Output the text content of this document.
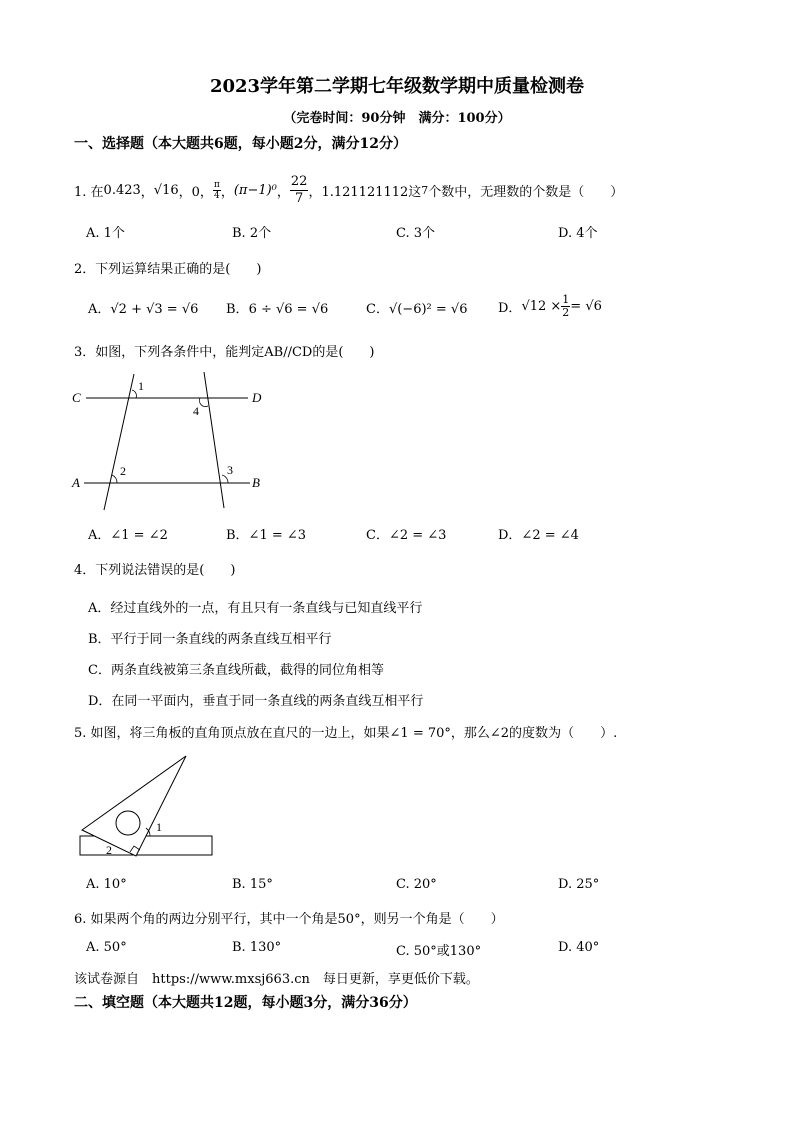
2023学年第二学期七年级数学期中质量检测卷
（完卷时间：90分钟　满分：100分）
一、选择题（本大题共6题，每小题2分，满分12分）
1. 在 0.423̇ ， √16 ，0， $\frac{\pi}{4}$ ， (π−1)⁰ ， $\frac{22}{7}$ ，1.121121112这 7 个数中，无理数的个数是（　　）
A. 1个	B. 2个	C. 3个	D. 4个
2．下列运算结果正确的是(　　)
A．√2 + √3 = √6 B．6 ÷ √6 = √6	C．√(−6)² = √6 D． $√12 \times \frac{1}{2} = √6$
3．如图，下列各条件中，能判定AB//CD的是(　　)
C	D
A	B
1
4
2	3
A．∠1 = ∠2	B．∠1 = ∠3	C．∠2 = ∠3	D．∠2 = ∠4
4．下列说法错误的是(　　)
A．经过直线外的一点，有且只有一条直线与已知直线平行
B．平行于同一条直线的两条直线互相平行
C．两条直线被第三条直线所截，截得的同位角相等
D．在同一平面内，垂直于同一条直线的两条直线互相平行
5. 如图，将三角板的直角顶点放在直尺的一边上，如果∠1 = 70°，那么∠2的度数为（　　）.
1
2
A. 10°	B. 15°	C. 20°	D. 25°
6. 如果两个角的两边分别平行，其中一个角是50°，则另一个角是（　　）
A. 50°	B. 130°	C. 50°或130°	D. 40°
该试卷源自　https://www.mxsj663.cn　每日更新，享更低价下载。
二、填空题（本大题共12题，每小题3分，满分36分）
